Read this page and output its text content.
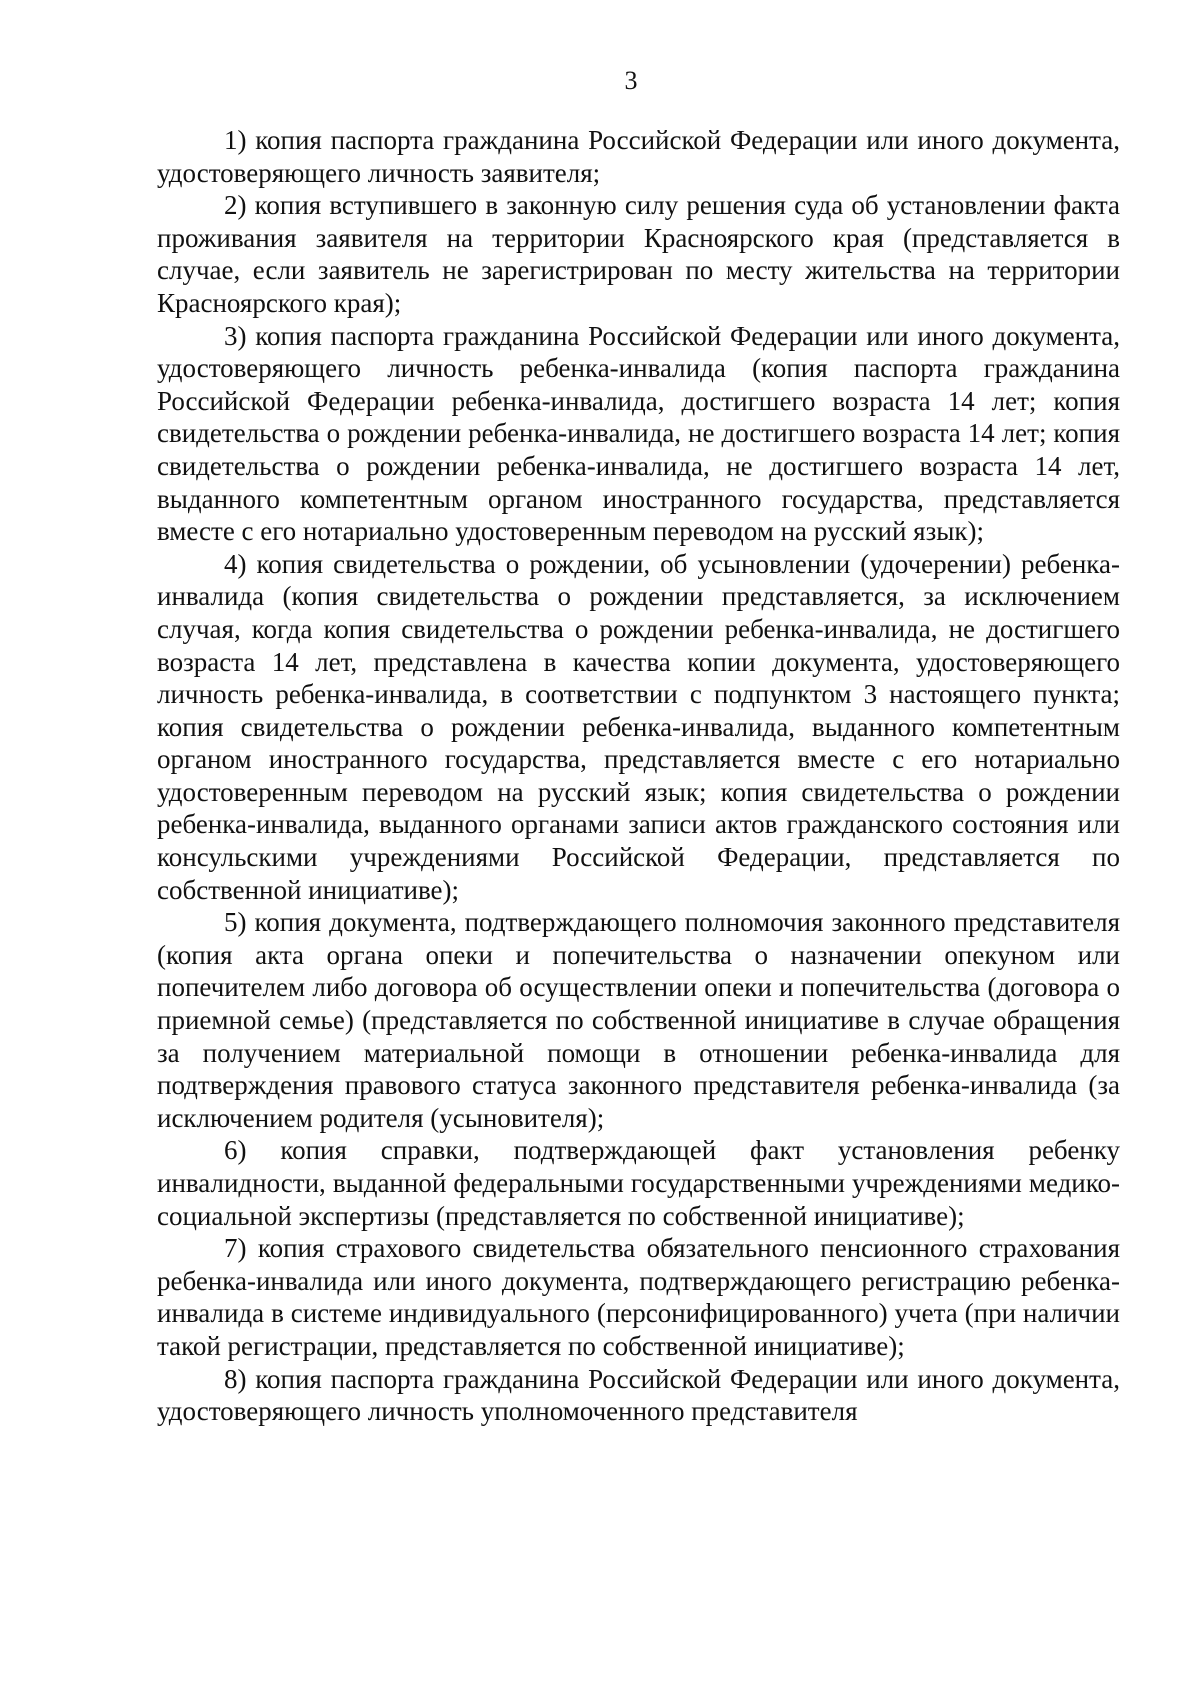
3

1) копия паспорта гражданина Российской Федерации или иного документа, удостоверяющего личность заявителя;

2) копия вступившего в законную силу решения суда об установлении факта проживания заявителя на территории Красноярского края (представляется в случае, если заявитель не зарегистрирован по месту жительства на территории Красноярского края);

3) копия паспорта гражданина Российской Федерации или иного документа, удостоверяющего личность ребенка-инвалида (копия паспорта гражданина Российской Федерации ребенка-инвалида, достигшего возраста 14 лет; копия свидетельства о рождении ребенка-инвалида, не достигшего возраста 14 лет; копия свидетельства о рождении ребенка-инвалида, не достигшего возраста 14 лет, выданного компетентным органом иностранного государства, представляется вместе с его нотариально удостоверенным переводом на русский язык);

4) копия свидетельства о рождении, об усыновлении (удочерении) ребенка-инвалида (копия свидетельства о рождении представляется, за исключением случая, когда копия свидетельства о рождении ребенка-инвалида, не достигшего возраста 14 лет, представлена в качества копии документа, удостоверяющего личность ребенка-инвалида, в соответствии с подпунктом 3 настоящего пункта; копия свидетельства о рождении ребенка-инвалида, выданного компетентным органом иностранного государства, представляется вместе с его нотариально удостоверенным переводом на русский язык; копия свидетельства о рождении ребенка-инвалида, выданного органами записи актов гражданского состояния или консульскими учреждениями Российской Федерации, представляется по собственной инициативе);

5) копия документа, подтверждающего полномочия законного представителя (копия акта органа опеки и попечительства о назначении опекуном или попечителем либо договора об осуществлении опеки и попечительства (договора о приемной семье) (представляется по собственной инициативе в случае обращения за получением материальной помощи в отношении ребенка-инвалида для подтверждения правового статуса законного представителя ребенка-инвалида (за исключением родителя (усыновителя);

6) копия справки, подтверждающей факт установления ребенку инвалидности, выданной федеральными государственными учреждениями медико-социальной экспертизы (представляется по собственной инициативе);

7) копия страхового свидетельства обязательного пенсионного страхования ребенка-инвалида или иного документа, подтверждающего регистрацию ребенка-инвалида в системе индивидуального (персонифицированного) учета (при наличии такой регистрации, представляется по собственной инициативе);

8) копия паспорта гражданина Российской Федерации или иного документа, удостоверяющего личность уполномоченного представителя
